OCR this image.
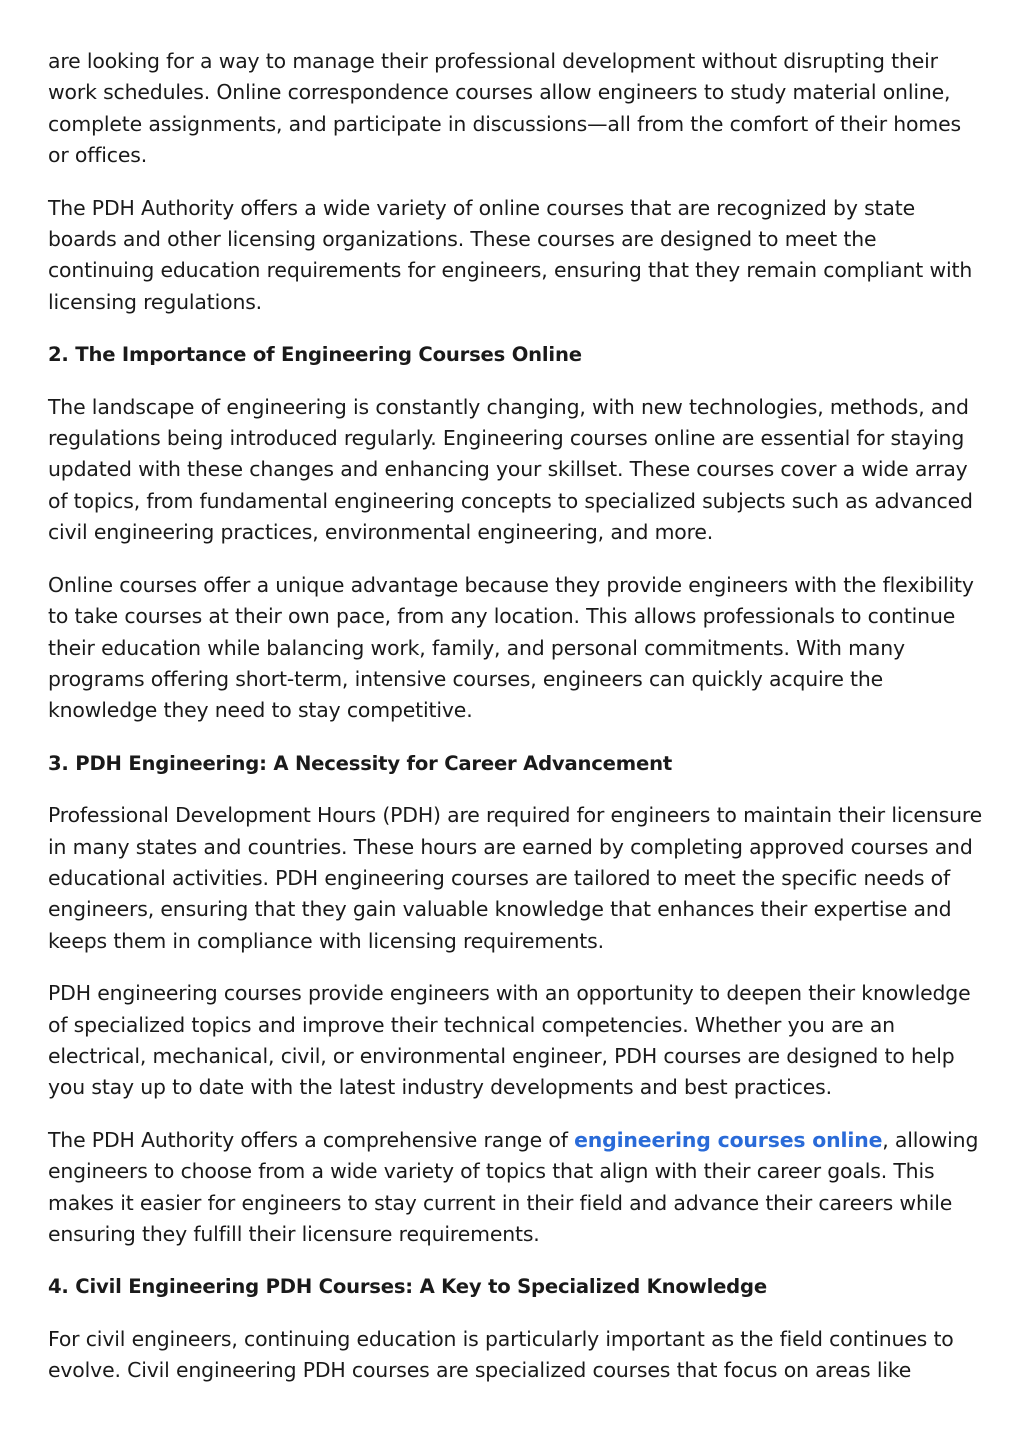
are looking for a way to manage their professional development without disrupting their work schedules. Online correspondence courses allow engineers to study material online, complete assignments, and participate in discussions—all from the comfort of their homes or offices.

The PDH Authority offers a wide variety of online courses that are recognized by state boards and other licensing organizations. These courses are designed to meet the continuing education requirements for engineers, ensuring that they remain compliant with licensing regulations.

2. The Importance of Engineering Courses Online

The landscape of engineering is constantly changing, with new technologies, methods, and regulations being introduced regularly. Engineering courses online are essential for staying updated with these changes and enhancing your skillset. These courses cover a wide array of topics, from fundamental engineering concepts to specialized subjects such as advanced civil engineering practices, environmental engineering, and more.

Online courses offer a unique advantage because they provide engineers with the flexibility to take courses at their own pace, from any location. This allows professionals to continue their education while balancing work, family, and personal commitments. With many programs offering short-term, intensive courses, engineers can quickly acquire the knowledge they need to stay competitive.

3. PDH Engineering: A Necessity for Career Advancement

Professional Development Hours (PDH) are required for engineers to maintain their licensure in many states and countries. These hours are earned by completing approved courses and educational activities. PDH engineering courses are tailored to meet the specific needs of engineers, ensuring that they gain valuable knowledge that enhances their expertise and keeps them in compliance with licensing requirements.

PDH engineering courses provide engineers with an opportunity to deepen their knowledge of specialized topics and improve their technical competencies. Whether you are an electrical, mechanical, civil, or environmental engineer, PDH courses are designed to help you stay up to date with the latest industry developments and best practices.

The PDH Authority offers a comprehensive range of engineering courses online, allowing engineers to choose from a wide variety of topics that align with their career goals. This makes it easier for engineers to stay current in their field and advance their careers while ensuring they fulfill their licensure requirements.

4. Civil Engineering PDH Courses: A Key to Specialized Knowledge

For civil engineers, continuing education is particularly important as the field continues to evolve. Civil engineering PDH courses are specialized courses that focus on areas like
